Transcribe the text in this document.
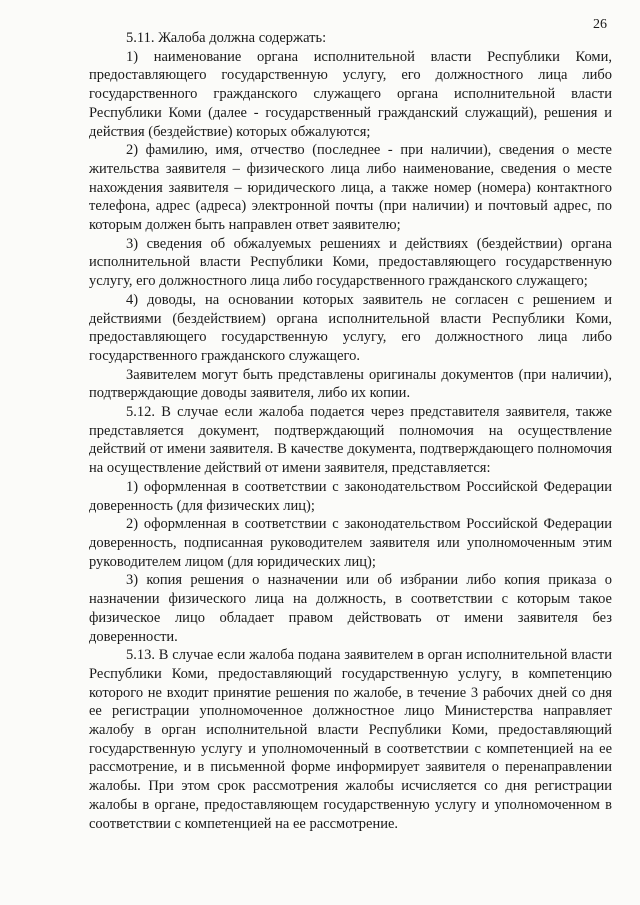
26

5.11. Жалоба должна содержать:

1) наименование органа исполнительной власти Республики Коми, предоставляющего государственную услугу, его должностного лица либо государственного гражданского служащего органа исполнительной власти Республики Коми (далее - государственный гражданский служащий), решения и действия (бездействие) которых обжалуются;

2) фамилию, имя, отчество (последнее - при наличии), сведения о месте жительства заявителя – физического лица либо наименование, сведения о месте нахождения заявителя – юридического лица, а также номер (номера) контактного телефона, адрес (адреса) электронной почты (при наличии) и почтовый адрес, по которым должен быть направлен ответ заявителю;

3) сведения об обжалуемых решениях и действиях (бездействии) органа исполнительной власти Республики Коми, предоставляющего государственную услугу, его должностного лица либо государственного гражданского служащего;

4) доводы, на основании которых заявитель не согласен с решением и действиями (бездействием) органа исполнительной власти Республики Коми, предоставляющего государственную услугу, его должностного лица либо государственного гражданского служащего.

Заявителем могут быть представлены оригиналы документов (при наличии), подтверждающие доводы заявителя, либо их копии.

5.12. В случае если жалоба подается через представителя заявителя, также представляется документ, подтверждающий полномочия на осуществление действий от имени заявителя. В качестве документа, подтверждающего полномочия на осуществление действий от имени заявителя, представляется:

1) оформленная в соответствии с законодательством Российской Федерации доверенность (для физических лиц);

2) оформленная в соответствии с законодательством Российской Федерации доверенность, подписанная руководителем заявителя или уполномоченным этим руководителем лицом (для юридических лиц);

3) копия решения о назначении или об избрании либо копия приказа о назначении физического лица на должность, в соответствии с которым такое физическое лицо обладает правом действовать от имени заявителя без доверенности.

5.13. В случае если жалоба подана заявителем в орган исполнительной власти Республики Коми, предоставляющий государственную услугу, в компетенцию которого не входит принятие решения по жалобе, в течение 3 рабочих дней со дня ее регистрации уполномоченное должностное лицо Министерства направляет жалобу в орган исполнительной власти Республики Коми, предоставляющий государственную услугу и уполномоченный в соответствии с компетенцией на ее рассмотрение, и в письменной форме информирует заявителя о перенаправлении жалобы. При этом срок рассмотрения жалобы исчисляется со дня регистрации жалобы в органе, предоставляющем государственную услугу и уполномоченном в соответствии с компетенцией на ее рассмотрение.
